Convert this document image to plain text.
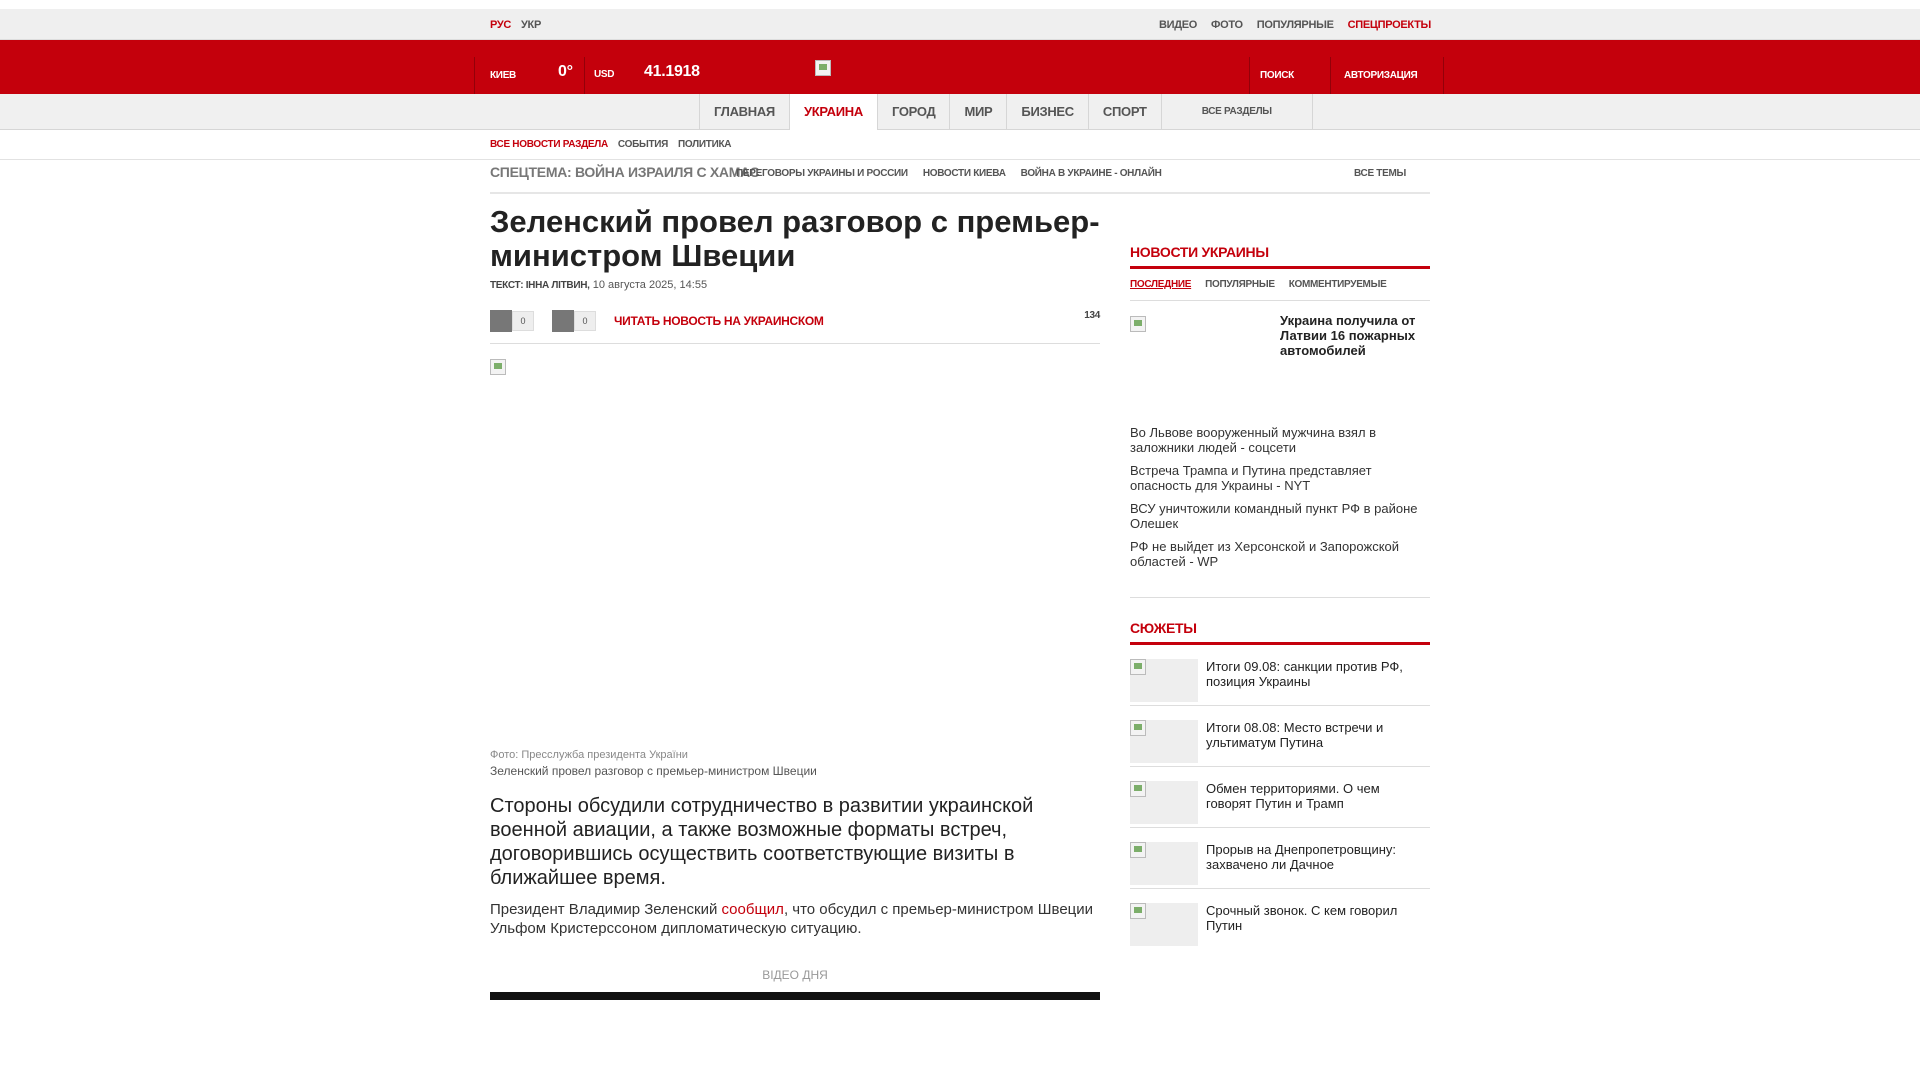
РУС УКР	ВИДЕО ФОТО ПОПУЛЯРНЫЕ СПЕЦПРОЕКТЫ
КИЕВ	0° USD 41.1918	ПОИСК	АВТОРИЗАЦИЯ
ГЛАВНАЯ	УКРАИНА	ГОРОД	МИР	БИЗНЕС	СПОРТ	ВСЕ РАЗДЕЛЫ
ВСЕ НОВОСТИ РАЗДЕЛА СОБЫТИЯ ПОЛИТИКА
СПЕЦТЕМА: ВОЙНА ИЗРАИЛЯ С ХАМАС
ПЕРЕГОВОРЫ УКРАИНЫ И РОССИИ НОВОСТИ КИЕВА ВОЙНА В УКРАИНЕ - ОНЛАЙН	ВСЕ ТЕМЫ
Зеленский провел разговор с премьер-министром Швеции
ТЕКСТ: ІННА ЛІТВИН, 10 августа 2025, 14:55
0	0	ЧИТАТЬ НОВОСТЬ НА УКРАИНСКОМ	134
Фото: Пресслужба президента України
Зеленский провел разговор с премьер-министром Швеции
Стороны обсудили сотрудничество в развитии украинской военной авиации, а также возможные форматы встреч, договорившись осуществить соответствующие визиты в ближайшее время.
Президент Владимир Зеленский сообщил, что обсудил с премьер-министром Швеции Ульфом Кристерссоном дипломатическую ситуацию.
ВІДЕО ДНЯ
НОВОСТИ УКРАИНЫ
ПОСЛЕДНИЕ ПОПУЛЯРНЫЕ КОММЕНТИРУЕМЫЕ
Украина получила от Латвии 16 пожарных автомобилей
Во Львове вооруженный мужчина взял в заложники людей - соцсети
Встреча Трампа и Путина представляет опасность для Украины - NYT
ВСУ уничтожили командный пункт РФ в районе Олешек
РФ не выйдет из Херсонской и Запорожской областей - WP
СЮЖЕТЫ
Итоги 09.08: санкции против РФ, позиция Украины
Итоги 08.08: Место встречи и ультиматум Путина
Обмен территориями. О чем говорят Путин и Трамп
Прорыв на Днепропетровщину: захвачено ли Дачное
Срочный звонок. С кем говорил Путин
